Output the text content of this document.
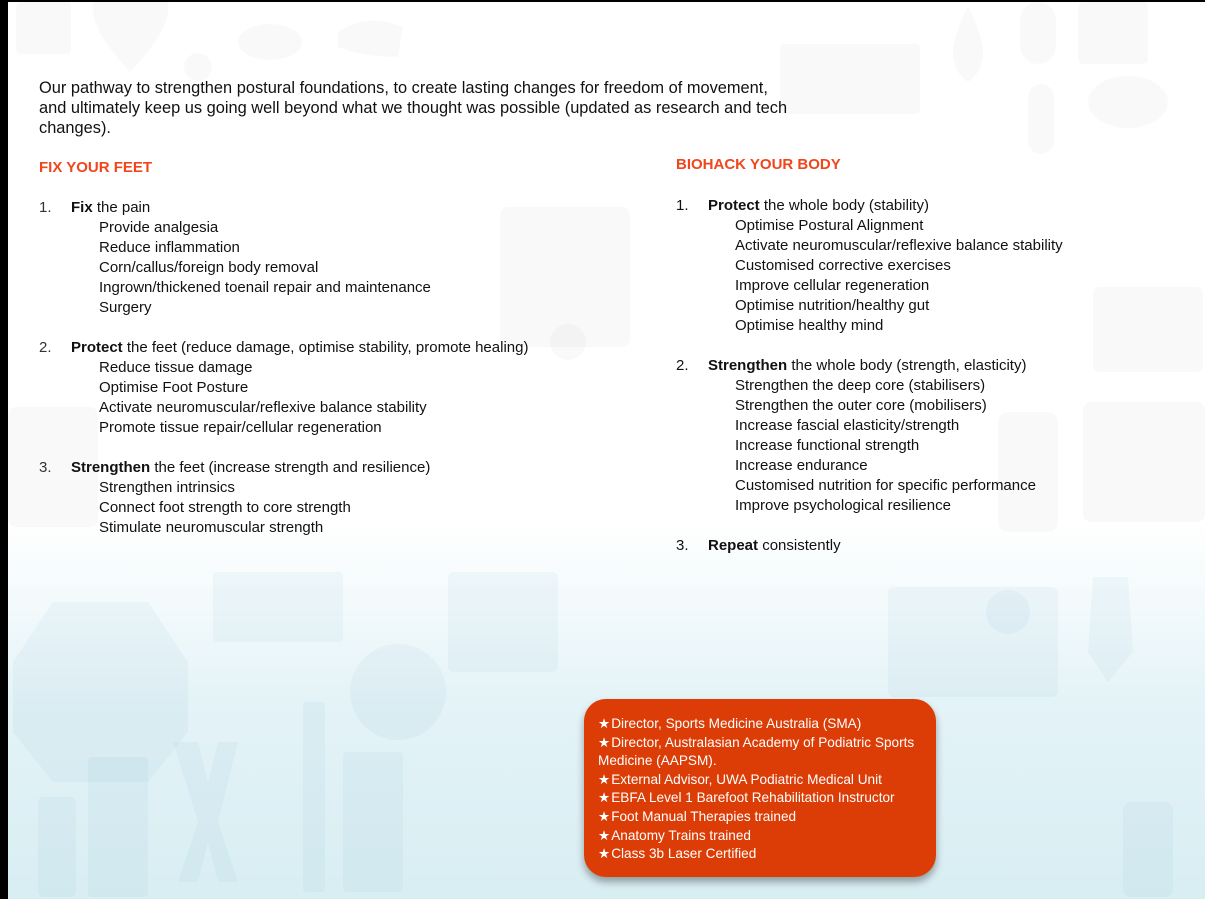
Our pathway to strengthen postural foundations, to create lasting changes for freedom of movement, and ultimately keep us going well beyond what we thought was possible (updated as research and tech changes).

FIX YOUR FEET
1.	Fix the pain
Provide analgesia
Reduce inflammation
Corn/callus/foreign body removal
Ingrown/thickened toenail repair and maintenance
Surgery
2.	Protect the feet (reduce damage, optimise stability, promote healing)
Reduce tissue damage
Optimise Foot Posture
Activate neuromuscular/reflexive balance stability
Promote tissue repair/cellular regeneration
3.	Strengthen the feet (increase strength and resilience)
Strengthen intrinsics
Connect foot strength to core strength
Stimulate neuromuscular strength
BIOHACK YOUR BODY
1.	Protect the whole body (stability)
Optimise Postural Alignment
Activate neuromuscular/reflexive balance stability
Customised corrective exercises
Improve cellular regeneration
Optimise nutrition/healthy gut
Optimise healthy mind
2.	Strengthen the whole body (strength, elasticity)
Strengthen the deep core (stabilisers)
Strengthen the outer core (mobilisers)
Increase fascial elasticity/strength
Increase functional strength
Increase endurance
Customised nutrition for specific performance
Improve psychological resilience
3.	Repeat consistently
★Director, Sports Medicine Australia (SMA)
★Director, Australasian Academy of Podiatric Sports Medicine (AAPSM).
★External Advisor, UWA Podiatric Medical Unit
★EBFA Level 1 Barefoot Rehabilitation Instructor
★Foot Manual Therapies trained
★Anatomy Trains trained
★Class 3b Laser Certified
